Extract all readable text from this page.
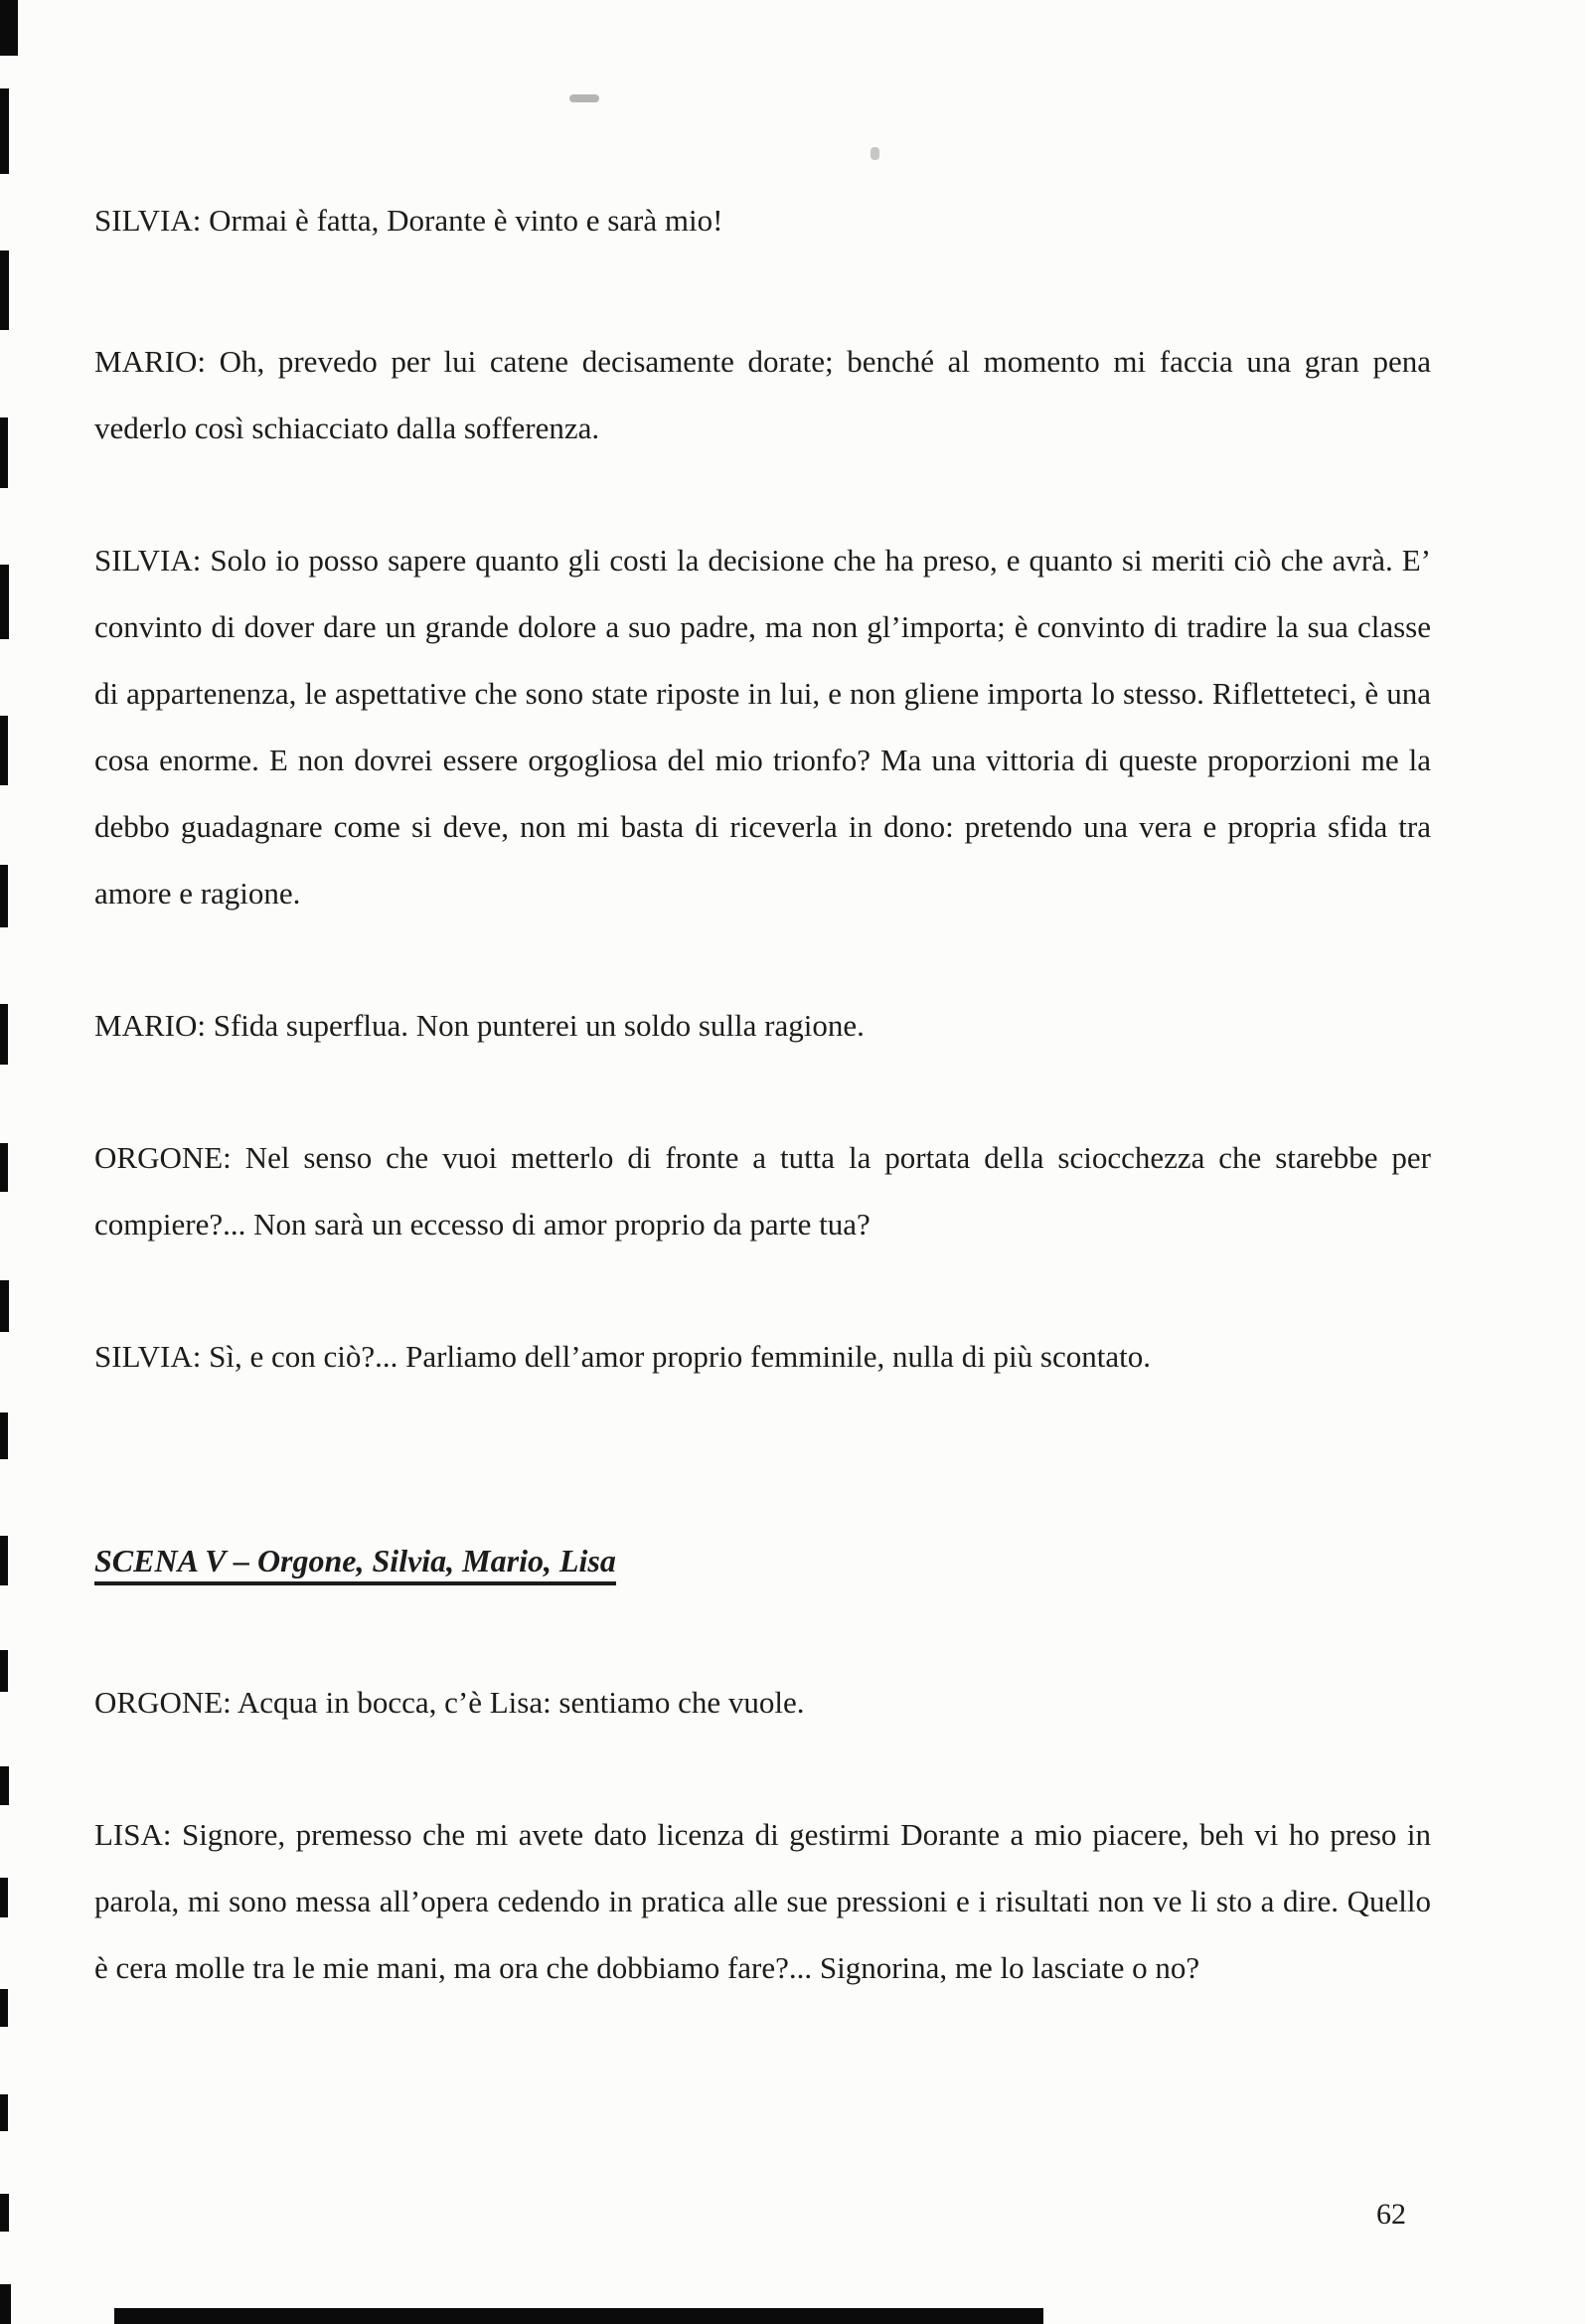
SILVIA: Ormai è fatta, Dorante è vinto e sarà mio!
MARIO: Oh, prevedo per lui catene decisamente dorate; benché al momento mi faccia una gran pena vederlo così schiacciato dalla sofferenza.
SILVIA: Solo io posso sapere quanto gli costi la decisione che ha preso, e quanto si meriti ciò che avrà. E’ convinto di dover dare un grande dolore a suo padre, ma non gl’importa; è convinto di tradire la sua classe di appartenenza, le aspettative che sono state riposte in lui, e non gliene importa lo stesso. Rifletteteci, è una cosa enorme. E non dovrei essere orgogliosa del mio trionfo? Ma una vittoria di queste proporzioni me la debbo guadagnare come si deve, non mi basta di riceverla in dono: pretendo una vera e propria sfida tra amore e ragione.
MARIO: Sfida superflua. Non punterei un soldo sulla ragione.
ORGONE: Nel senso che vuoi metterlo di fronte a tutta la portata della sciocchezza che starebbe per compiere?... Non sarà un eccesso di amor proprio da parte tua?
SILVIA: Sì, e con ciò?... Parliamo dell’amor proprio femminile, nulla di più scontato.
SCENA V – Orgone, Silvia, Mario, Lisa
ORGONE: Acqua in bocca, c’è Lisa: sentiamo che vuole.
LISA: Signore, premesso che mi avete dato licenza di gestirmi Dorante a mio piacere, beh vi ho preso in parola, mi sono messa all’opera cedendo in pratica alle sue pressioni e i risultati non ve li sto a dire. Quello è cera molle tra le mie mani, ma ora che dobbiamo fare?... Signorina, me lo lasciate o no?
62
